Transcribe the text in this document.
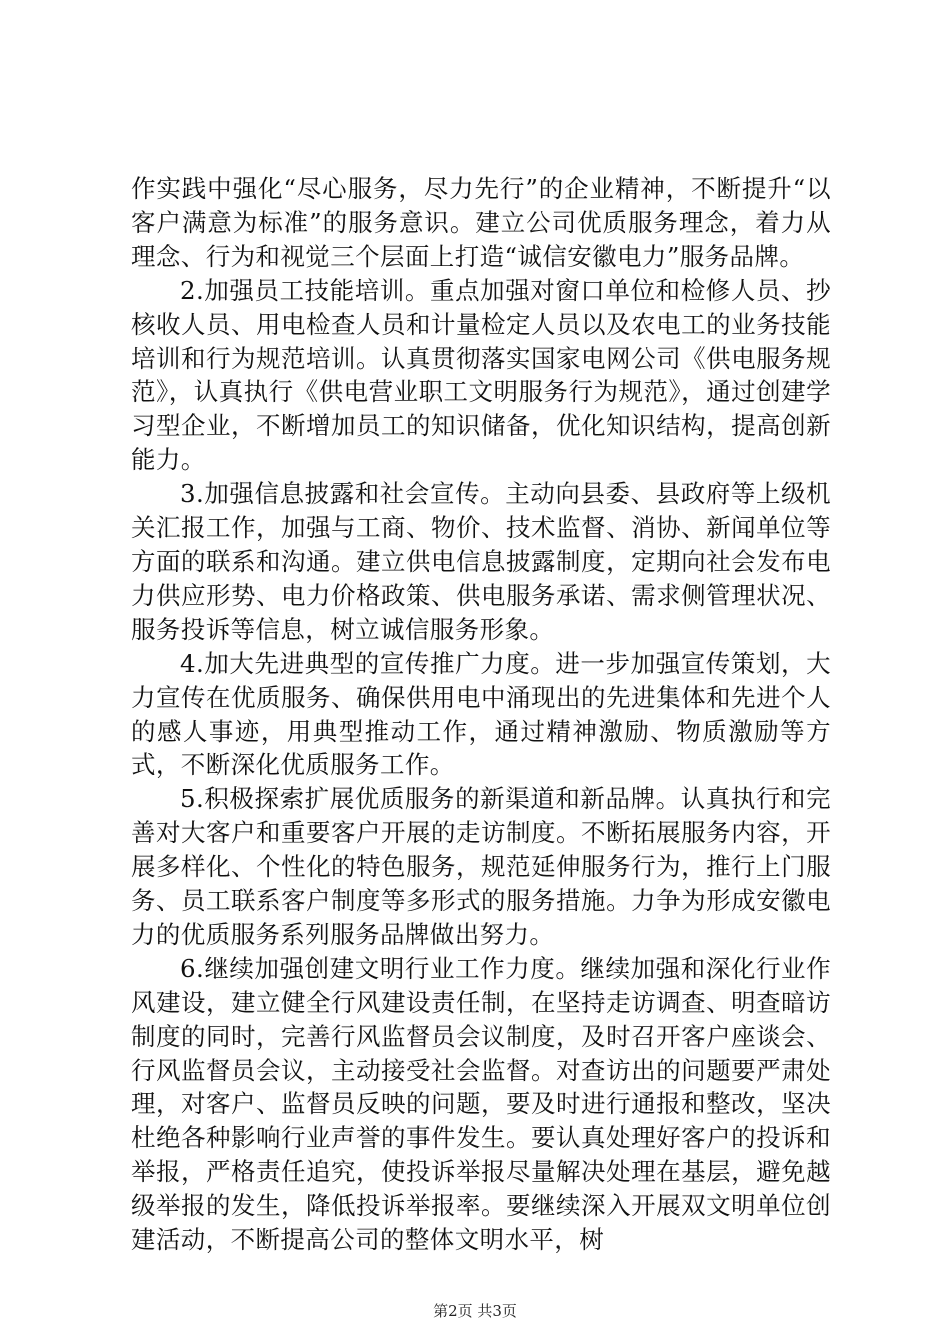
作实践中强化“尽心服务，尽力先行”的企业精神，不断提升“以客户满意为标准”的服务意识。建立公司优质服务理念，着力从理念、行为和视觉三个层面上打造“诚信安徽电力”服务品牌。

2.加强员工技能培训。重点加强对窗口单位和检修人员、抄核收人员、用电检查人员和计量检定人员以及农电工的业务技能培训和行为规范培训。认真贯彻落实国家电网公司《供电服务规范》，认真执行《供电营业职工文明服务行为规范》，通过创建学习型企业，不断增加员工的知识储备，优化知识结构，提高创新能力。

3.加强信息披露和社会宣传。主动向县委、县政府等上级机关汇报工作，加强与工商、物价、技术监督、消协、新闻单位等方面的联系和沟通。建立供电信息披露制度，定期向社会发布电力供应形势、电力价格政策、供电服务承诺、需求侧管理状况、服务投诉等信息，树立诚信服务形象。

4.加大先进典型的宣传推广力度。进一步加强宣传策划，大力宣传在优质服务、确保供用电中涌现出的先进集体和先进个人的感人事迹，用典型推动工作，通过精神激励、物质激励等方式，不断深化优质服务工作。

5.积极探索扩展优质服务的新渠道和新品牌。认真执行和完善对大客户和重要客户开展的走访制度。不断拓展服务内容，开展多样化、个性化的特色服务，规范延伸服务行为，推行上门服务、员工联系客户制度等多形式的服务措施。力争为形成安徽电力的优质服务系列服务品牌做出努力。

6.继续加强创建文明行业工作力度。继续加强和深化行业作风建设，建立健全行风建设责任制，在坚持走访调查、明查暗访制度的同时，完善行风监督员会议制度，及时召开客户座谈会、行风监督员会议，主动接受社会监督。对查访出的问题要严肃处理，对客户、监督员反映的问题，要及时进行通报和整改，坚决杜绝各种影响行业声誉的事件发生。要认真处理好客户的投诉和举报，严格责任追究，使投诉举报尽量解决处理在基层，避免越级举报的发生，降低投诉举报率。要继续深入开展双文明单位创建活动，不断提高公司的整体文明水平，树

第2页 共3页
